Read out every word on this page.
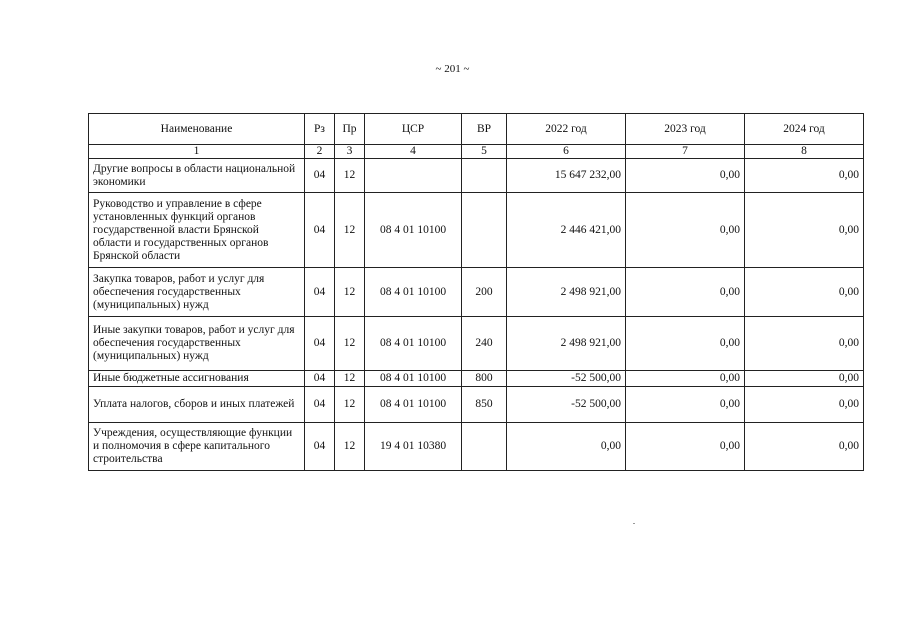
~ 201 ~
Наименование	Рз	Пр	ЦСР	ВР	2022 год	2023 год	2024 год
1	2	3	4	5	6	7	8
Другие вопросы в области национальной экономики	04	12			15 647 232,00	0,00	0,00
Руководство и управление в сфере установленных функций органов государственной власти Брянской области и государственных органов Брянской области	04	12	08 4 01 10100		2 446 421,00	0,00	0,00
Закупка товаров, работ и услуг для обеспечения государственных (муниципальных) нужд	04	12	08 4 01 10100	200	2 498 921,00	0,00	0,00
Иные закупки товаров, работ и услуг для обеспечения государственных (муниципальных) нужд	04	12	08 4 01 10100	240	2 498 921,00	0,00	0,00
Иные бюджетные ассигнования	04	12	08 4 01 10100	800	-52 500,00	0,00	0,00
Уплата налогов, сборов и иных платежей	04	12	08 4 01 10100	850	-52 500,00	0,00	0,00
Учреждения, осуществляющие функции и полномочия в сфере капитального строительства	04	12	19 4 01 10380		0,00	0,00	0,00
